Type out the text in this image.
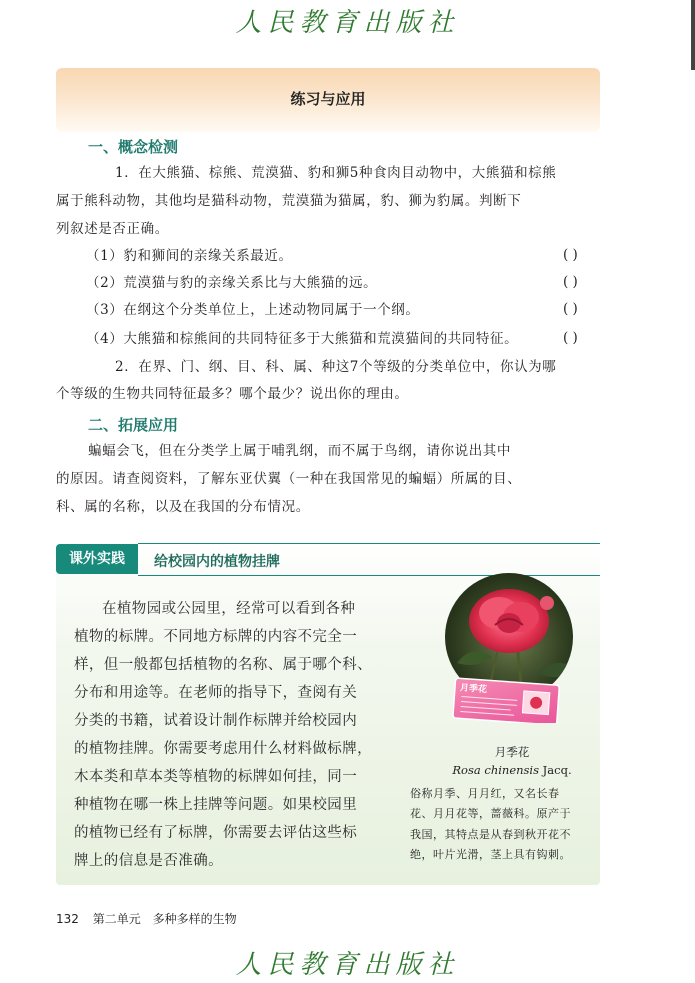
人民教育出版社
练习与应用
一、概念检测
1．在大熊猫、棕熊、荒漠猫、豹和狮5种食肉目动物中，大熊猫和棕熊
属于熊科动物，其他均是猫科动物，荒漠猫为猫属，豹、狮为豹属。判断下
列叙述是否正确。
（1）豹和狮间的亲缘关系最近。	( )
（2）荒漠猫与豹的亲缘关系比与大熊猫的远。	( )
（3）在纲这个分类单位上，上述动物同属于一个纲。	( )
（4）大熊猫和棕熊间的共同特征多于大熊猫和荒漠猫间的共同特征。	( )
2．在界、门、纲、目、科、属、种这7个等级的分类单位中，你认为哪
个等级的生物共同特征最多？哪个最少？说出你的理由。
二、拓展应用
蝙蝠会飞，但在分类学上属于哺乳纲，而不属于鸟纲，请你说出其中
的原因。请查阅资料，了解东亚伏翼（一种在我国常见的蝙蝠）所属的目、
科、属的名称，以及在我国的分布情况。
课外实践	给校园内的植物挂牌
在植物园或公园里，经常可以看到各种
植物的标牌。不同地方标牌的内容不完全一
样，但一般都包括植物的名称、属于哪个科、
分布和用途等。在老师的指导下，查阅有关
分类的书籍，试着设计制作标牌并给校园内
的植物挂牌。你需要考虑用什么材料做标牌，
木本类和草本类等植物的标牌如何挂，同一
种植物在哪一株上挂牌等问题。如果校园里
的植物已经有了标牌，你需要去评估这些标
牌上的信息是否准确。
月季花
月季花
Rosa chinensis Jacq.
俗称月季、月月红，又名长春
花、月月花等，蔷薇科。原产于
我国，其特点是从春到秋开花不
绝，叶片光滑，茎上具有钩刺。
132 第二单元 多种多样的生物
人民教育出版社
